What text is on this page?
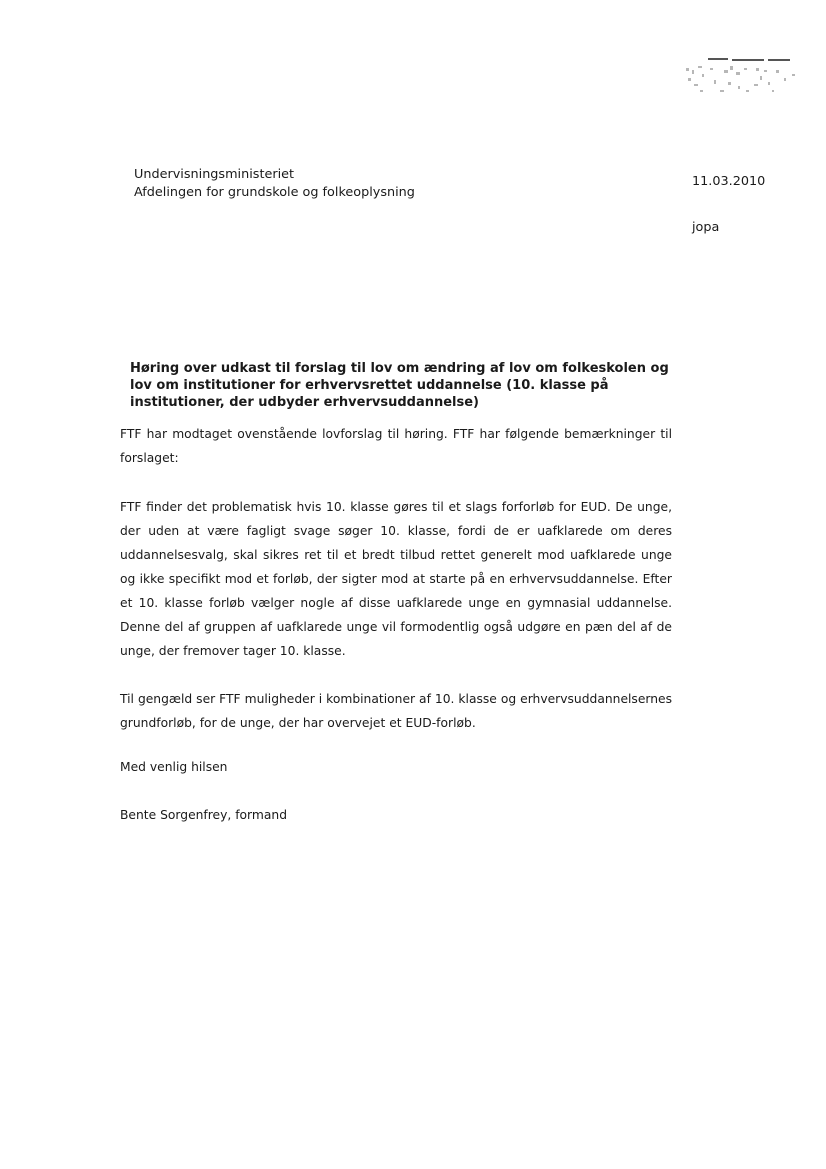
Undervisningsministeriet
Afdelingen for grundskole og folkeoplysning
11.03.2010
jopa
Høring over udkast til forslag til lov om ændring af lov om folkeskolen og lov om institutioner for erhvervsrettet uddannelse (10. klasse på institutioner, der udbyder erhvervsuddannelse)
FTF har modtaget ovenstående lovforslag til høring. FTF har følgende bemærkninger til forslaget:
FTF finder det problematisk hvis 10. klasse gøres til et slags forforløb for EUD. De unge, der uden at være fagligt svage søger 10. klasse, fordi de er uafklarede om deres uddannelsesvalg, skal sikres ret til et bredt tilbud rettet generelt mod uafklarede unge og ikke specifikt mod et forløb, der sigter mod at starte på en erhvervsuddannelse. Efter et 10. klasse forløb vælger nogle af disse uafklarede unge en gymnasial uddannelse. Denne del af gruppen af uafklarede unge vil formodentlig også udgøre en pæn del af de unge, der fremover tager 10. klasse.
Til gengæld ser FTF muligheder i kombinationer af 10. klasse og erhvervsuddannelsernes grundforløb, for de unge, der har overvejet et EUD-forløb.
Med venlig hilsen
Bente Sorgenfrey, formand
